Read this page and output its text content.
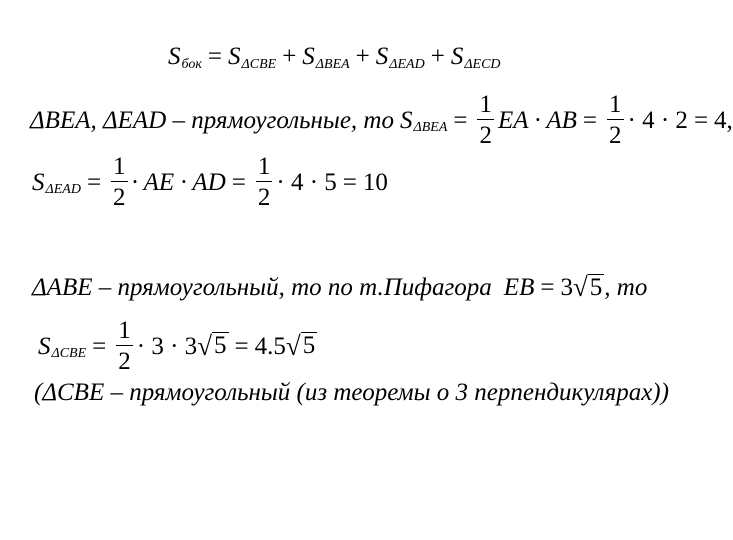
S бок = S ΔCBE + S ΔBEA + S ΔEAD + S ΔECD
ΔBEA, ΔEAD – прямоугольные, то S $\Delta BEA = \frac{1}{2}$ EA · AB = $\frac{1}{2} \cdot 4 \cdot 2 = 4$,
S $\Delta EAD = \frac{1}{2}$ · AE · AD = $\frac{1}{2} \cdot 4 \cdot 5 = 10$
ΔABE – прямоугольный, то по т.Пифагора EB = 3 √ 5 , то
S $\Delta CBE = \frac{1}{2} \cdot 3 \cdot 3$ √ 5 = 4.5 √ 5
(ΔCBE – прямоугольный (из теоремы о 3 перпендикулярах))
